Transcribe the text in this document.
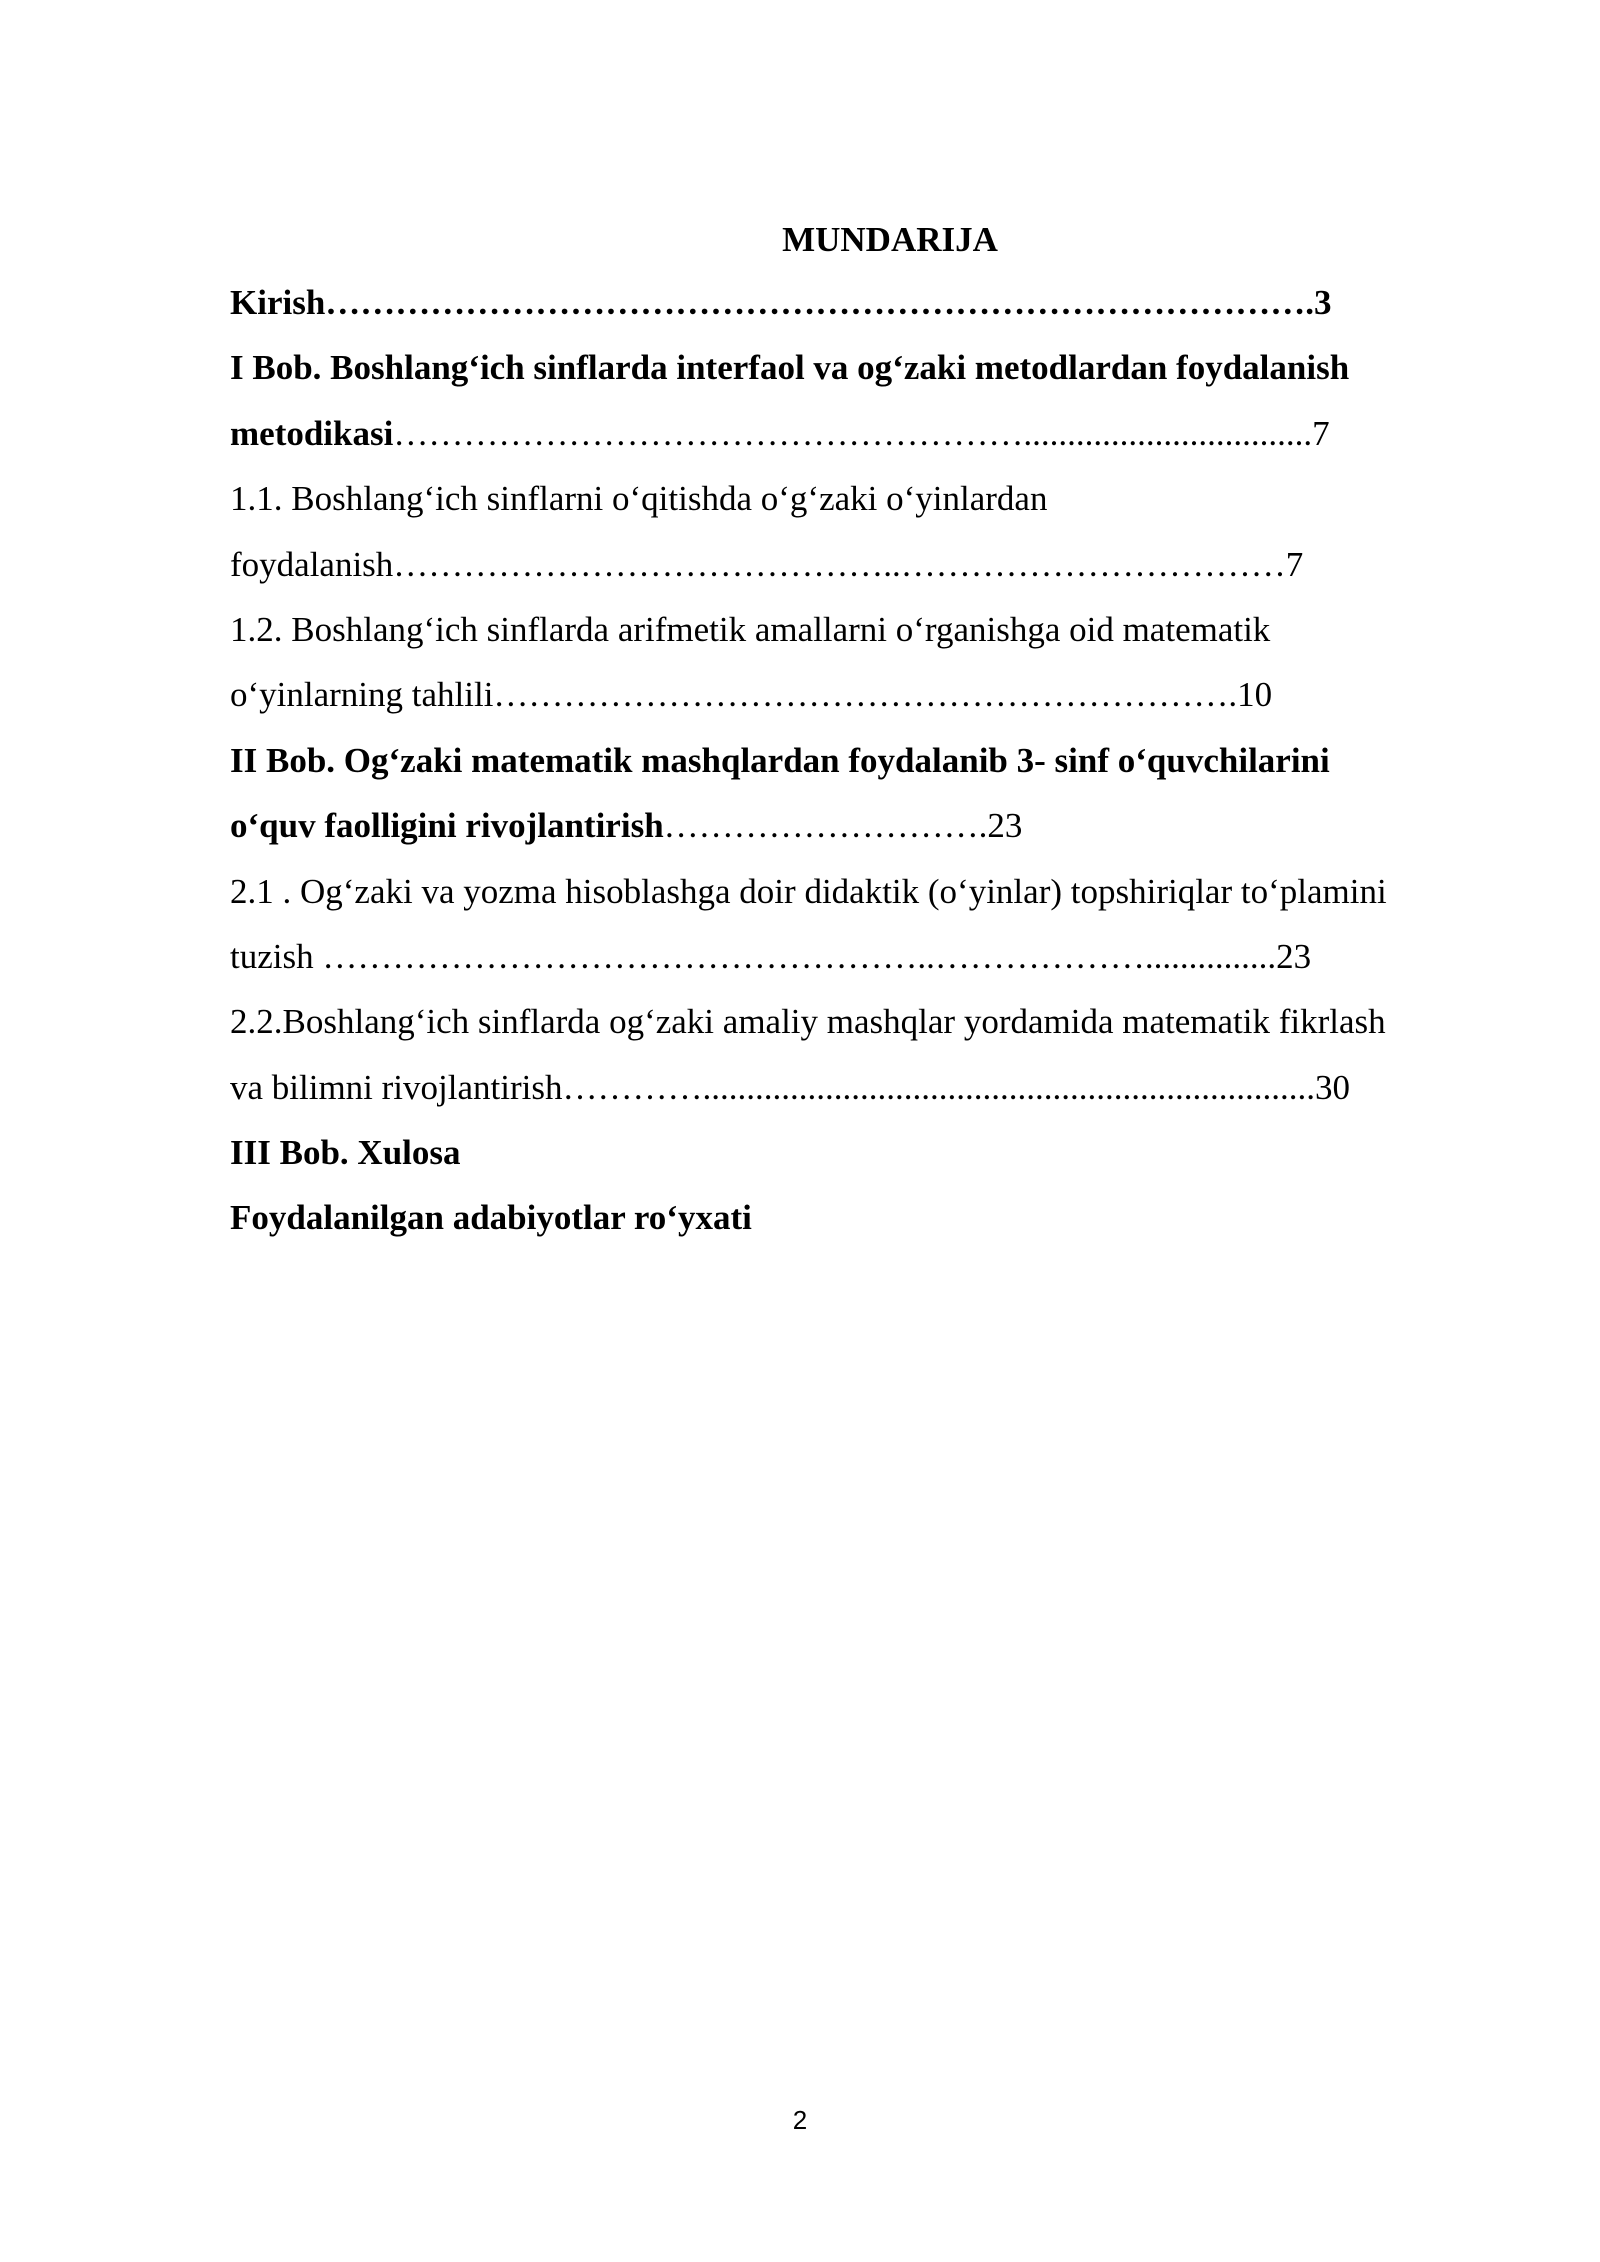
MUNDARIJA
Kirish………………………………………………………………………….3
I Bob. Boshlang‘ich sinflarda interfaol va og‘zaki metodlardan foydalanish
metodikasi……………………………………………….................................7
1.1. Boshlang‘ich sinflarni o‘qitishda o‘g‘zaki o‘yinlardan
foydalanish……………………………………..……………………………7
1.2. Boshlang‘ich sinflarda arifmetik amallarni o‘rganishga oid matematik
o‘yinlarning tahlili……………………………………………………….10
II Bob. Og‘zaki matematik mashqlardan foydalanib 3- sinf o‘quvchilarini
o‘quv faolligini rivojlantirish……………………….23
2.1 . Og‘zaki va yozma hisoblashga doir didaktik (o‘yinlar) topshiriqlar to‘plamini
tuzish ……………………………………………..………………...............23
2.2.Boshlang‘ich sinflarda og‘zaki amaliy mashqlar yordamida matematik fikrlash
va bilimni rivojlantirish…………......................................................................30
III Bob. Xulosa
Foydalanilgan adabiyotlar ro‘yxati
2
